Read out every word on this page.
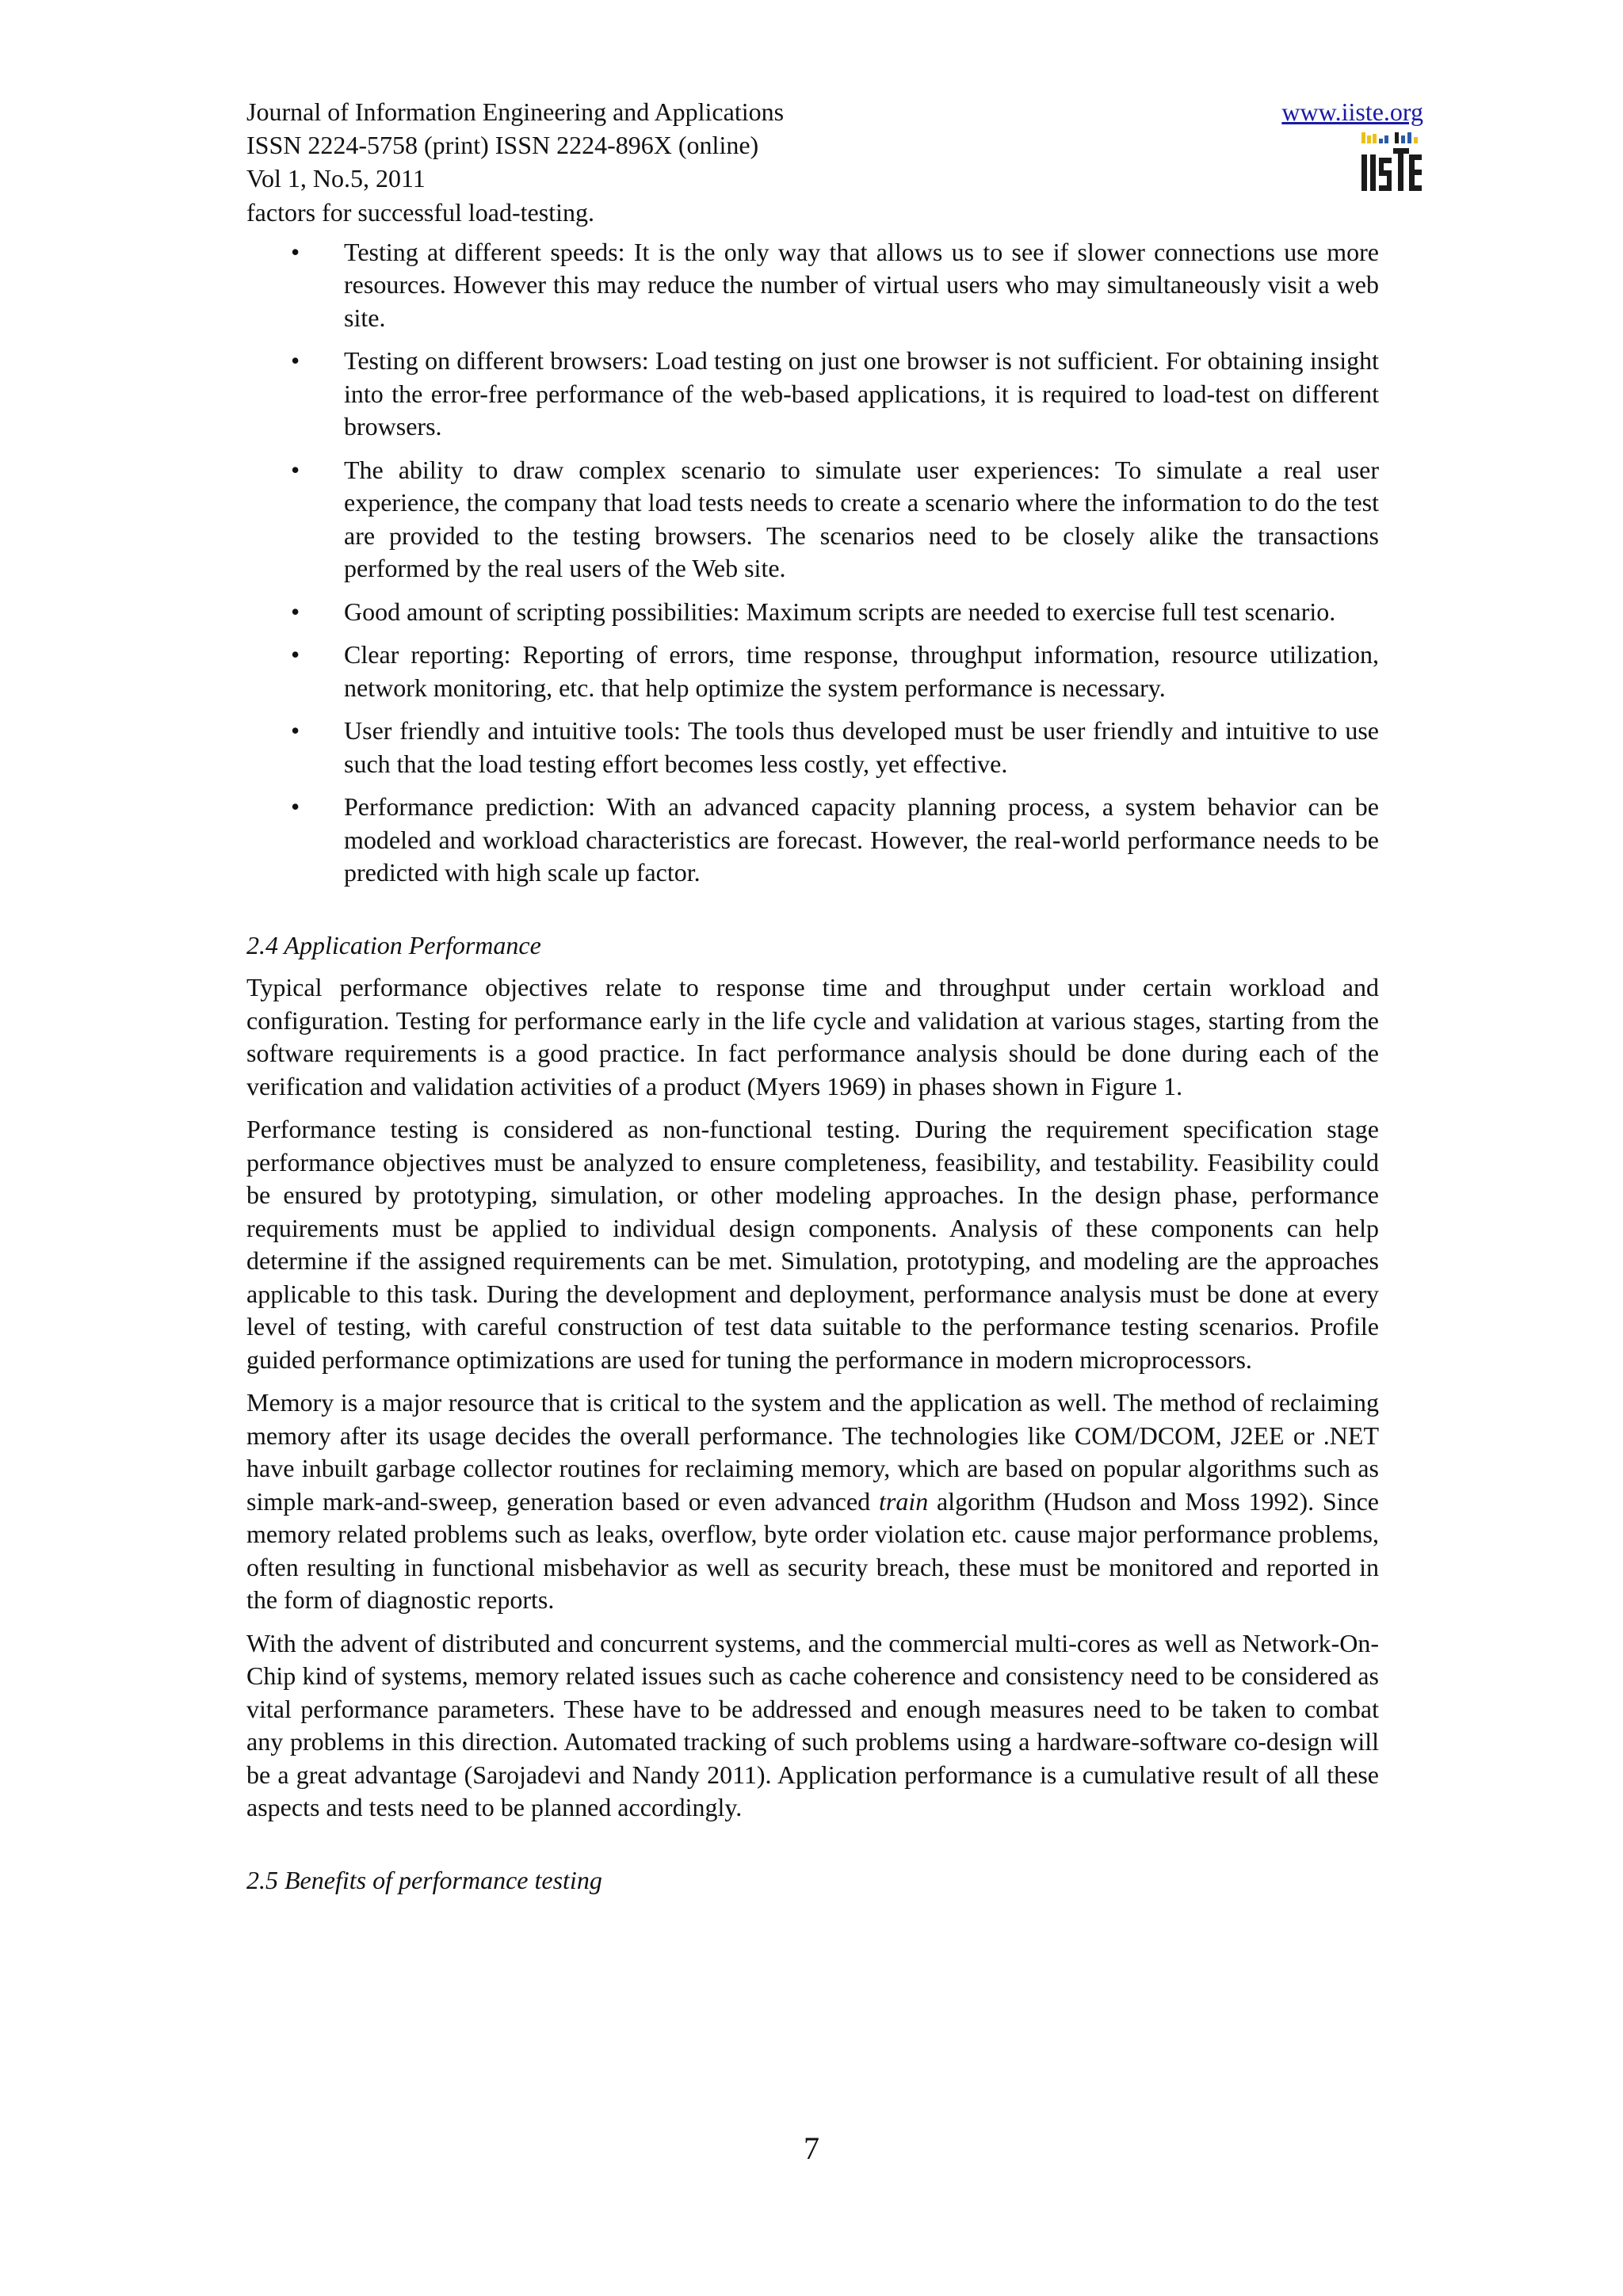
Journal of Information Engineering and Applications
ISSN 2224-5758 (print) ISSN 2224-896X (online)
Vol 1, No.5, 2011
www.iiste.org

factors for successful load-testing.

• Testing at different speeds: It is the only way that allows us to see if slower connections use more resources. However this may reduce the number of virtual users who may simultaneously visit a web site.
• Testing on different browsers: Load testing on just one browser is not sufficient. For obtaining insight into the error-free performance of the web-based applications, it is required to load-test on different browsers.
• The ability to draw complex scenario to simulate user experiences: To simulate a real user experience, the company that load tests needs to create a scenario where the information to do the test are provided to the testing browsers. The scenarios need to be closely alike the transactions performed by the real users of the Web site.
• Good amount of scripting possibilities: Maximum scripts are needed to exercise full test scenario.
• Clear reporting: Reporting of errors, time response, throughput information, resource utilization, network monitoring, etc. that help optimize the system performance is necessary.
• User friendly and intuitive tools: The tools thus developed must be user friendly and intuitive to use such that the load testing effort becomes less costly, yet effective.
• Performance prediction: With an advanced capacity planning process, a system behavior can be modeled and workload characteristics are forecast. However, the real-world performance needs to be predicted with high scale up factor.

2.4 Application Performance

Typical performance objectives relate to response time and throughput under certain workload and configuration. Testing for performance early in the life cycle and validation at various stages, starting from the software requirements is a good practice. In fact performance analysis should be done during each of the verification and validation activities of a product (Myers 1969) in phases shown in Figure 1.

Performance testing is considered as non-functional testing. During the requirement specification stage performance objectives must be analyzed to ensure completeness, feasibility, and testability. Feasibility could be ensured by prototyping, simulation, or other modeling approaches. In the design phase, performance requirements must be applied to individual design components. Analysis of these components can help determine if the assigned requirements can be met. Simulation, prototyping, and modeling are the approaches applicable to this task. During the development and deployment, performance analysis must be done at every level of testing, with careful construction of test data suitable to the performance testing scenarios. Profile guided performance optimizations are used for tuning the performance in modern microprocessors.

Memory is a major resource that is critical to the system and the application as well. The method of reclaiming memory after its usage decides the overall performance. The technologies like COM/DCOM, J2EE or .NET have inbuilt garbage collector routines for reclaiming memory, which are based on popular algorithms such as simple mark-and-sweep, generation based or even advanced train algorithm (Hudson and Moss 1992). Since memory related problems such as leaks, overflow, byte order violation etc. cause major performance problems, often resulting in functional misbehavior as well as security breach, these must be monitored and reported in the form of diagnostic reports.

With the advent of distributed and concurrent systems, and the commercial multi-cores as well as Network-On-Chip kind of systems, memory related issues such as cache coherence and consistency need to be considered as vital performance parameters. These have to be addressed and enough measures need to be taken to combat any problems in this direction. Automated tracking of such problems using a hardware-software co-design will be a great advantage (Sarojadevi and Nandy 2011). Application performance is a cumulative result of all these aspects and tests need to be planned accordingly.

2.5 Benefits of performance testing

7
